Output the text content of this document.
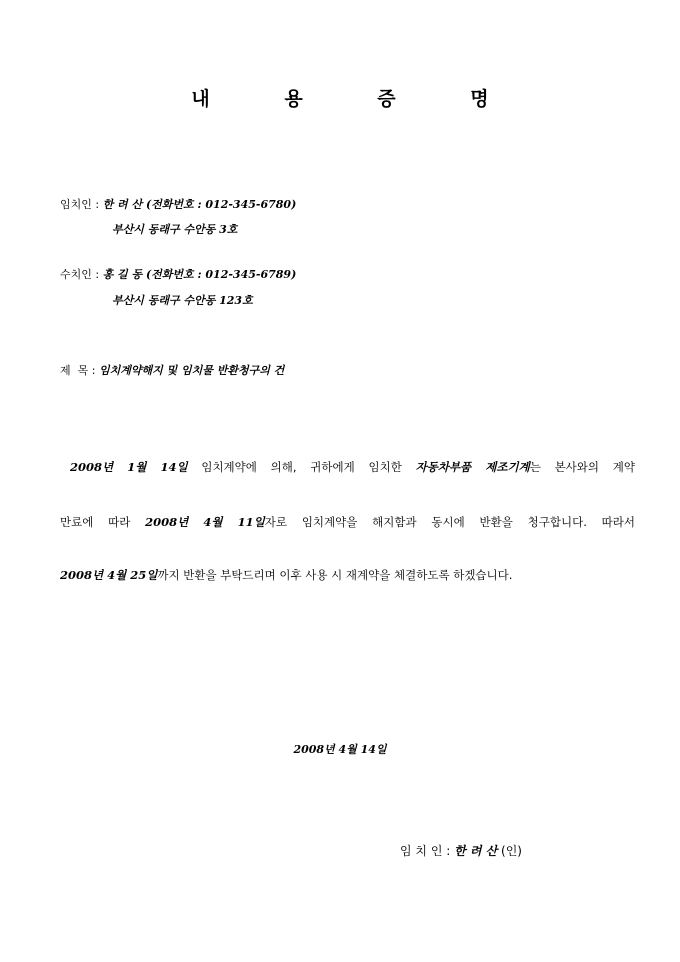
내 용 증 명
임치인 : 한 려 산 (전화번호 : 012-345-6780)
부산시 동래구 수안동 3호
수치인 : 홍 길 동 (전화번호 : 012-345-6789)
부산시 동래구 수안동 123호
제  목 : 임치계약해지 및 임치물 반환청구의 건
2008년 1월 14일 임치계약에 의해, 귀하에게 임치한 자동차부품 제조기계는 본사와의 계약
만료에 따라 2008년 4월 11일자로 임치계약을 해지함과 동시에 반환을 청구합니다. 따라서
2008년 4월 25일까지 반환을 부탁드리며 이후 사용 시 재계약을 체결하도록 하겠습니다.
2008년 4월 14일
임 치 인 : 한 려 산 (인)
